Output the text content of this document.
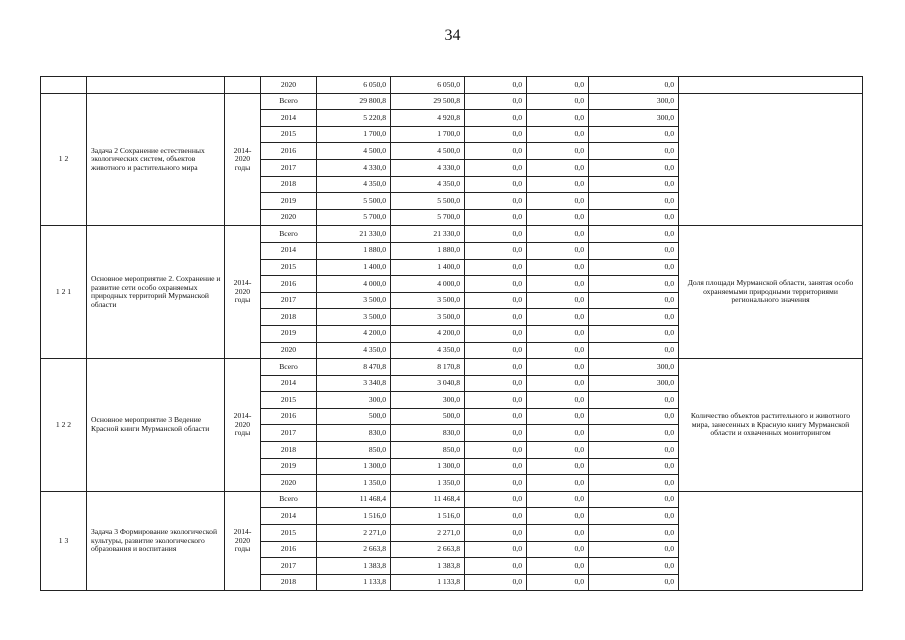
34
			2020	6 050,0	6 050,0	0,0	0,0	0,0	
1 2	Задача 2 Сохранение естественных экологических систем, объектов животного и растительного мира	2014-2020 годы	Всего	29 800,8	29 500,8	0,0	0,0	300,0	
			2014	5 220,8	4 920,8	0,0	0,0	300,0	
			2015	1 700,0	1 700,0	0,0	0,0	0,0	
			2016	4 500,0	4 500,0	0,0	0,0	0,0	
			2017	4 330,0	4 330,0	0,0	0,0	0,0	
			2018	4 350,0	4 350,0	0,0	0,0	0,0	
			2019	5 500,0	5 500,0	0,0	0,0	0,0	
			2020	5 700,0	5 700,0	0,0	0,0	0,0	
1 2 1	Основное мероприятие 2. Сохранение и развитие сети особо охраняемых природных территорий Мурманской области	2014-2020 годы	Всего	21 330,0	21 330,0	0,0	0,0	0,0	Доля площади Мурманской области, занятая особо охраняемыми природными территориями регионального значения
			2014	1 880,0	1 880,0	0,0	0,0	0,0	
			2015	1 400,0	1 400,0	0,0	0,0	0,0	
			2016	4 000,0	4 000,0	0,0	0,0	0,0	
			2017	3 500,0	3 500,0	0,0	0,0	0,0	
			2018	3 500,0	3 500,0	0,0	0,0	0,0	
			2019	4 200,0	4 200,0	0,0	0,0	0,0	
			2020	4 350,0	4 350,0	0,0	0,0	0,0	
1 2 2	Основное мероприятие 3 Ведение Красной книги Мурманской области	2014-2020 годы	Всего	8 470,8	8 170,8	0,0	0,0	300,0	Количество объектов растительного и животного мира, занесенных в Красную книгу Мурманской области и охваченных мониторингом
			2014	3 340,8	3 040,8	0,0	0,0	300,0	
			2015	300,0	300,0	0,0	0,0	0,0	
			2016	500,0	500,0	0,0	0,0	0,0	
			2017	830,0	830,0	0,0	0,0	0,0	
			2018	850,0	850,0	0,0	0,0	0,0	
			2019	1 300,0	1 300,0	0,0	0,0	0,0	
			2020	1 350,0	1 350,0	0,0	0,0	0,0	
1 3	Задача 3 Формирование экологической культуры, развитие экологического образования и воспитания	2014-2020 годы	Всего	11 468,4	11 468,4	0,0	0,0	0,0	
			2014	1 516,0	1 516,0	0,0	0,0	0,0	
			2015	2 271,0	2 271,0	0,0	0,0	0,0	
			2016	2 663,8	2 663,8	0,0	0,0	0,0	
			2017	1 383,8	1 383,8	0,0	0,0	0,0	
			2018	1 133,8	1 133,8	0,0	0,0	0,0	
